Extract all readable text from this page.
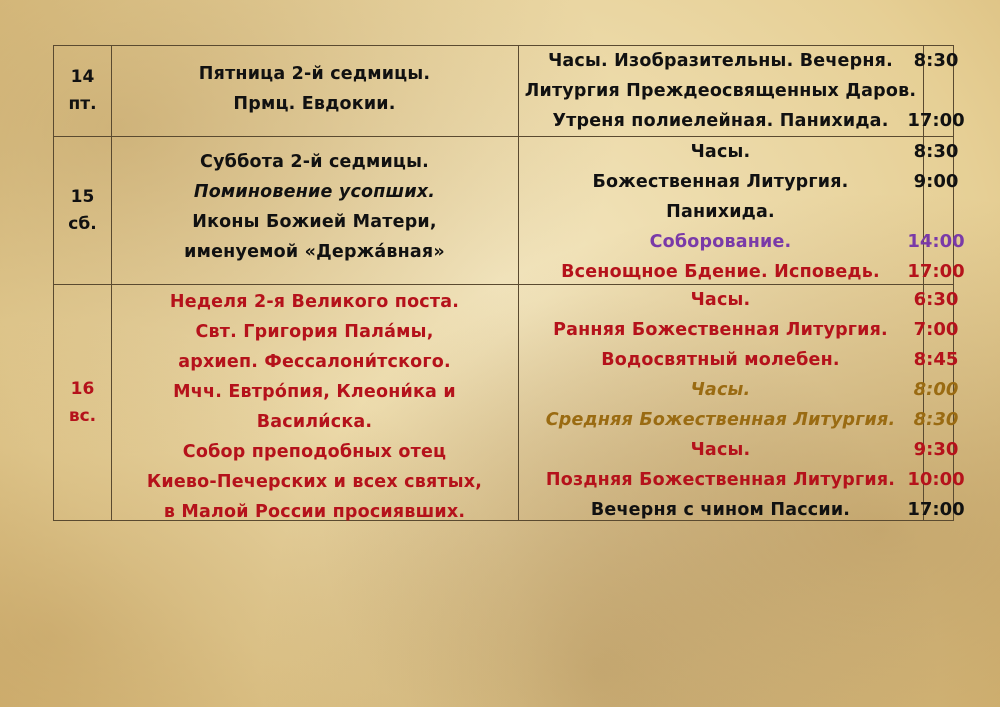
14
пт.
Пятница 2-й седмицы.
Прмц. Евдокии.
Часы. Изобразительны. Вечерня.
Литургия Преждеосвященных Даров.
Утреня полиелейная. Панихида.
8:30
17:00
15
сб.
Суббота 2-й седмицы.
Поминовение усопших.
Иконы Божией Матери,
именуемой «Держа́вная»
Часы.
Божественная Литургия.
Панихида.
Соборование.
Всенощное Бдение. Исповедь.
8:30
9:00
14:00
17:00
16
вс.
Неделя 2-я Великого поста.
Свт. Григория Пала́мы,
архиеп. Фессалони́тского.
Мчч. Евтро́пия, Клеони́ка и
Васили́ска.
Собор преподобных отец
Киево-Печерских и всех святых,
в Малой России просиявших.
Часы.
Ранняя Божественная Литургия.
Водосвятный молебен.
Часы.
Средняя Божественная Литургия.
Часы.
Поздняя Божественная Литургия.
Вечерня с чином Пассии.
6:30
7:00
8:45
8:00
8:30
9:30
10:00
17:00
